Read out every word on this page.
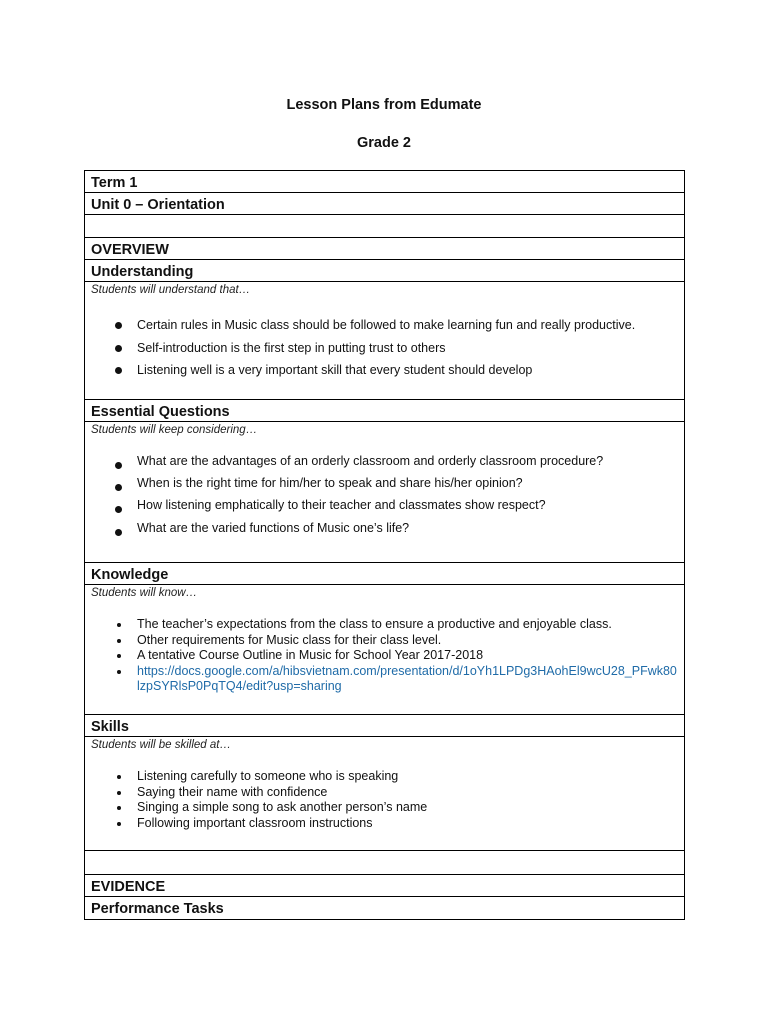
Lesson Plans from Edumate
Grade 2
Term 1
Unit 0 – Orientation
OVERVIEW
Understanding
Students will understand that…
Certain rules in Music class should be followed to make learning fun and really productive.
Self-introduction is the first step in putting trust to others
Listening well is a very important skill that every student should develop
Essential Questions
Students will keep considering…
What are the advantages of an orderly classroom and orderly classroom procedure?
When is the right time for him/her to speak and share his/her opinion?
How listening emphatically to their teacher and classmates show respect?
What are the varied functions of Music one’s life?
Knowledge
Students will know…
The teacher’s expectations from the class to ensure a productive and enjoyable class.
Other requirements for Music class for their class level.
A tentative Course Outline in Music for School Year 2017-2018
https://docs.google.com/a/hibsvietnam.com/presentation/d/1oYh1LPDg3HAohEl9wcU28_PFwk80lzpSYRlsP0PqTQ4/edit?usp=sharing
Skills
Students will be skilled at…
Listening carefully to someone who is speaking
Saying their name with confidence
Singing a simple song to ask another person’s name
Following important classroom instructions
EVIDENCE
Performance Tasks
